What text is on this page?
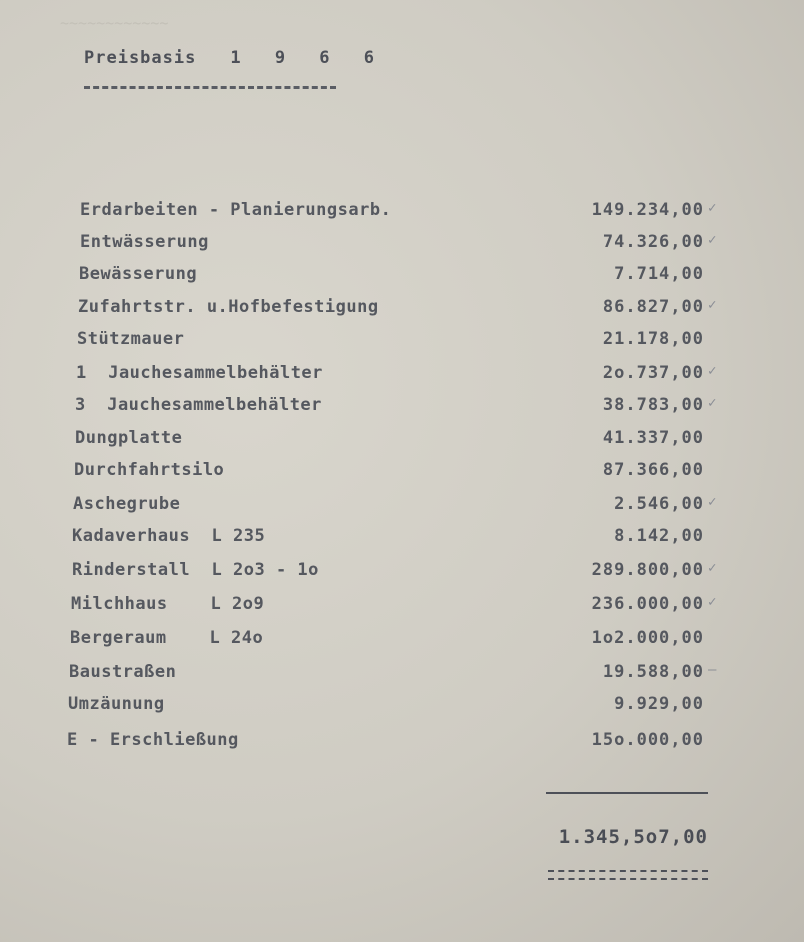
~~~~~~~~~~~~
Preisbasis 1 9 6 6
Erdarbeiten - Planierungsarb.	149.234,00 ✓
Entwässerung	74.326,00 ✓
Bewässerung	7.714,00
Zufahrtstr. u.Hofbefestigung	86.827,00 ✓
Stützmauer	21.178,00
1  Jauchesammelbehälter	2o.737,00 ✓
3  Jauchesammelbehälter	38.783,00 ✓
Dungplatte	41.337,00
Durchfahrtsilo	87.366,00
Aschegrube	2.546,00 ✓
Kadaverhaus  L 235	8.142,00
Rinderstall  L 2o3 - 1o	289.800,00 ✓
Milchhaus    L 2o9	236.000,00 ✓
Bergeraum    L 24o	1o2.000,00
Baustraßen	19.588,00 —
Umzäunung	9.929,00
E - Erschließung	15o.000,00
1.345,5o7,00
